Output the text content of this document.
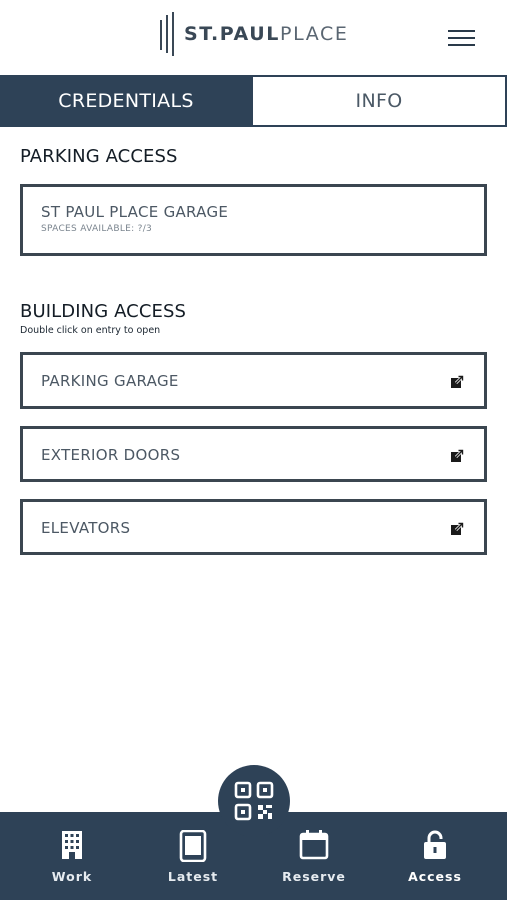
ST.PAULPLACE
CREDENTIALS	INFO
PARKING ACCESS
ST PAUL PLACE GARAGE
SPACES AVAILABLE: ?/3
BUILDING ACCESS
Double click on entry to open
PARKING GARAGE
EXTERIOR DOORS
ELEVATORS
Work	Latest	Reserve	Access
